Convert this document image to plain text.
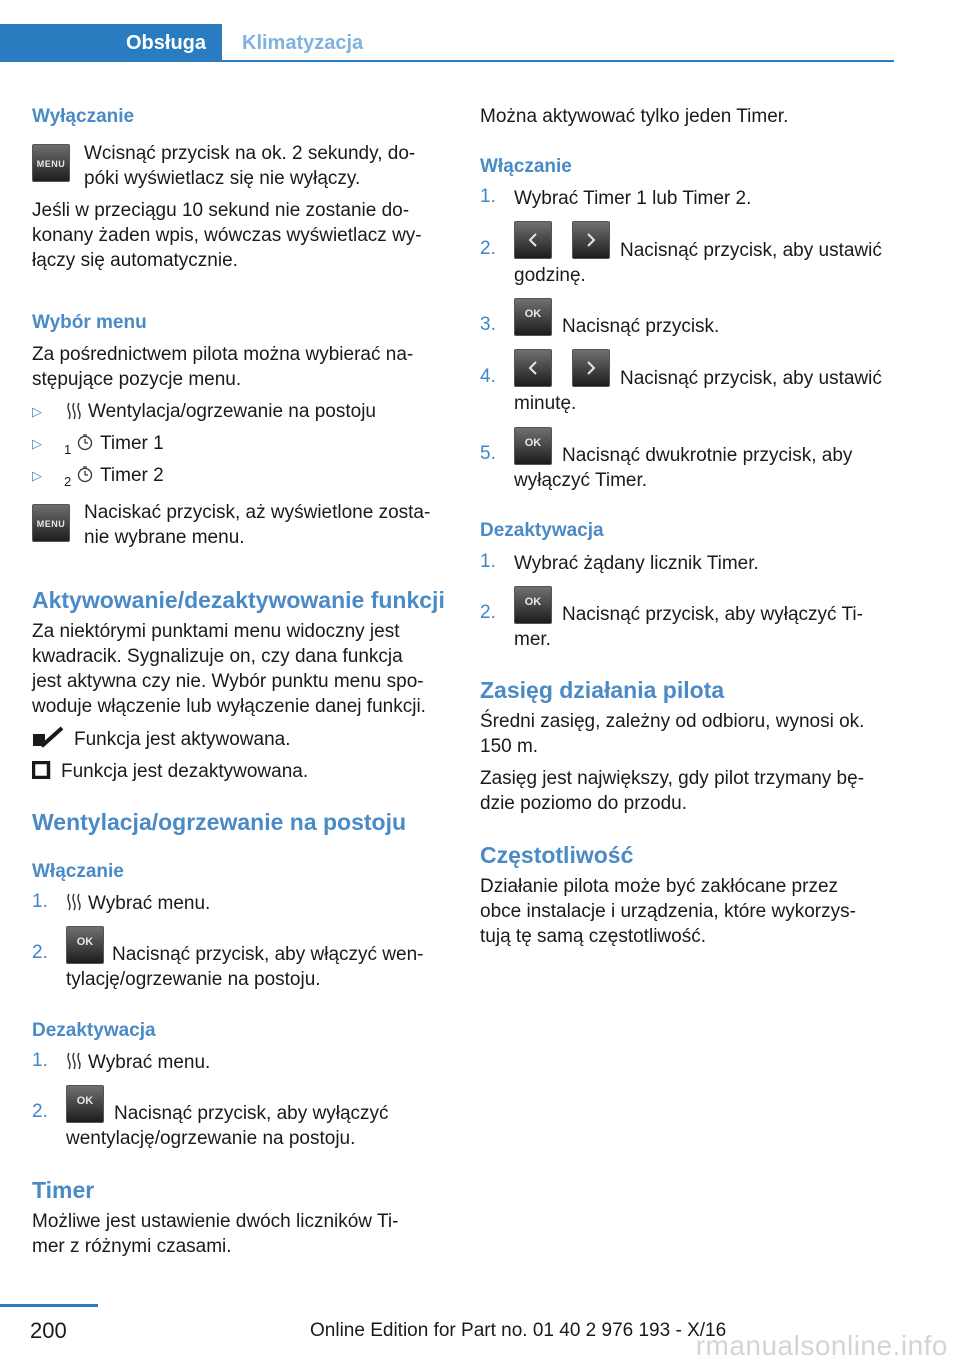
Obsługa	Klimatyzacja
Wyłączanie
MENU Wcisnąć przycisk na ok. 2 sekundy, do-
póki wyświetlacz się nie wyłączy.
Jeśli w przeciągu 10 sekund nie zostanie do-
konany żaden wpis, wówczas wyświetlacz wy-
łączy się automatycznie.
Wybór menu
Za pośrednictwem pilota można wybierać na-
stępujące pozycje menu.
▷ Wentylacja/ogrzewanie na postoju
▷ $_1$	Timer 1
▷ $_2$	Timer 2
MENU
Naciskać przycisk, aż wyświetlone zosta-
nie wybrane menu.
Aktywowanie/dezaktywowanie funkcji
Za niektórymi punktami menu widoczny jest
kwadracik. Sygnalizuje on, czy dana funkcja
jest aktywna czy nie. Wybór punktu menu spo-
woduje włączenie lub wyłączenie danej funkcji.
Funkcja jest aktywowana.
Funkcja jest dezaktywowana.
Wentylacja/ogrzewanie na postoju
Włączanie
1. Wybrać menu.
2.	OK
Nacisnąć przycisk, aby włączyć wen-
tylację/ogrzewanie na postoju.
Dezaktywacja
1. Wybrać menu.
2.	OK
Nacisnąć przycisk, aby wyłączyć
wentylację/ogrzewanie na postoju.
Timer
Możliwe jest ustawienie dwóch liczników Ti-
mer z różnymi czasami.
Można aktywować tylko jeden Timer.
Włączanie
1. Wybrać Timer 1 lub Timer 2.
2.	Nacisnąć przycisk, aby ustawić
godzinę.
3.	OK
Nacisnąć przycisk.
4.	Nacisnąć przycisk, aby ustawić
minutę.
5.	OK
Nacisnąć dwukrotnie przycisk, aby
wyłączyć Timer.
Dezaktywacja
1. Wybrać żądany licznik Timer.
2.	OK
Nacisnąć przycisk, aby wyłączyć Ti-
mer.
Zasięg działania pilota
Średni zasięg, zależny od odbioru, wynosi ok.
150 m.
Zasięg jest największy, gdy pilot trzymany bę-
dzie poziomo do przodu.
Częstotliwość
Działanie pilota może być zakłócane przez
obce instalacje i urządzenia, które wykorzys-
tują tę samą częstotliwość.
200	Online Edition for Part no. 01 40 2 976 193 - X/16
rmanualsonline.info
